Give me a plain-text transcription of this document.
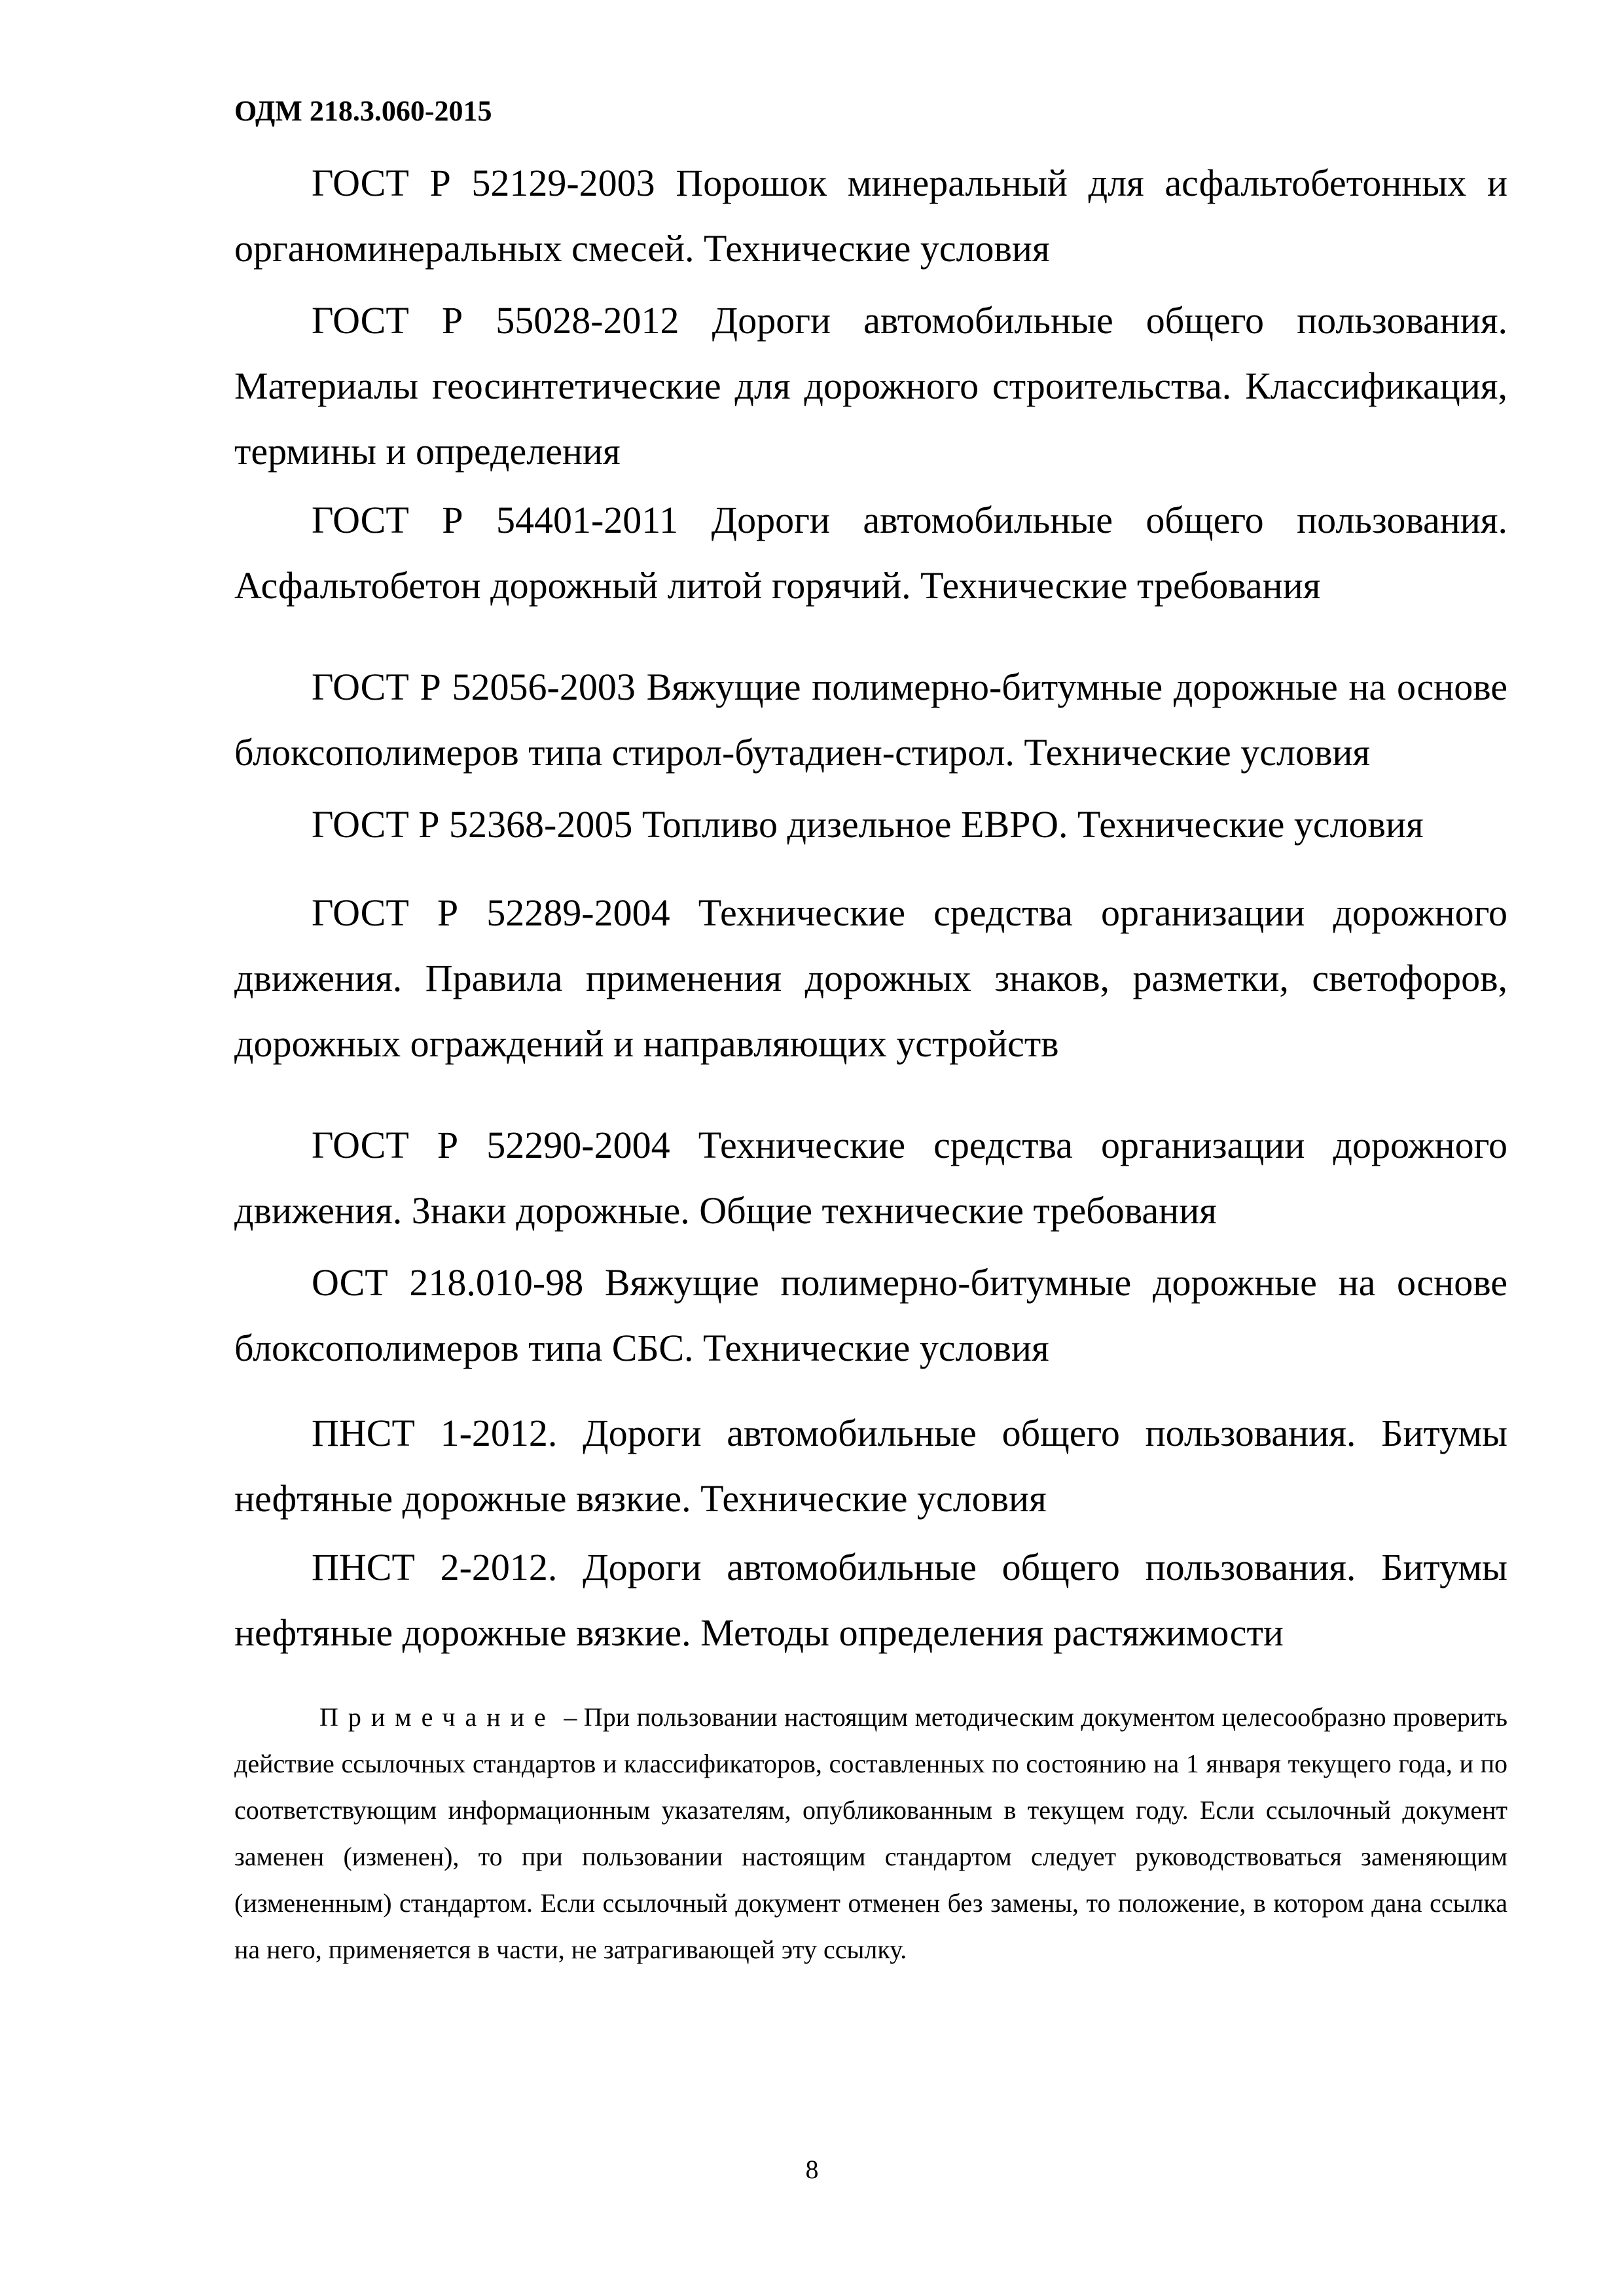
ОДМ 218.3.060-2015

ГОСТ Р 52129-2003 Порошок минеральный для асфальтобетонных и органоминеральных смесей. Технические условия

ГОСТ Р 55028-2012 Дороги автомобильные общего пользования. Материалы геосинтетические для дорожного строительства. Классификация, термины и определения

ГОСТ Р 54401-2011 Дороги автомобильные общего пользования. Асфальтобетон дорожный литой горячий. Технические требования

ГОСТ Р 52056-2003 Вяжущие полимерно-битумные дорожные на основе блоксополимеров типа стирол-бутадиен-стирол. Технические условия

ГОСТ Р 52368-2005 Топливо дизельное ЕВРО. Технические условия

ГОСТ Р 52289-2004 Технические средства организации дорожного движения. Правила применения дорожных знаков, разметки, светофоров, дорожных ограждений и направляющих устройств

ГОСТ Р 52290-2004 Технические средства организации дорожного движения. Знаки дорожные. Общие технические требования

ОСТ 218.010-98 Вяжущие полимерно-битумные дорожные на основе блоксополимеров типа СБС. Технические условия

ПНСТ 1-2012. Дороги автомобильные общего пользования. Битумы нефтяные дорожные вязкие. Технические условия

ПНСТ 2-2012. Дороги автомобильные общего пользования. Битумы нефтяные дорожные вязкие. Методы определения растяжимости

Примечание – При пользовании настоящим методическим документом целесообразно проверить действие ссылочных стандартов и классификаторов, составленных по состоянию на 1 января текущего года, и по соответствующим информационным указателям, опубликованным в текущем году. Если ссылочный документ заменен (изменен), то при пользовании настоящим стандартом следует руководствоваться заменяющим (измененным) стандартом. Если ссылочный документ отменен без замены, то положение, в котором дана ссылка на него, применяется в части, не затрагивающей эту ссылку.

8
